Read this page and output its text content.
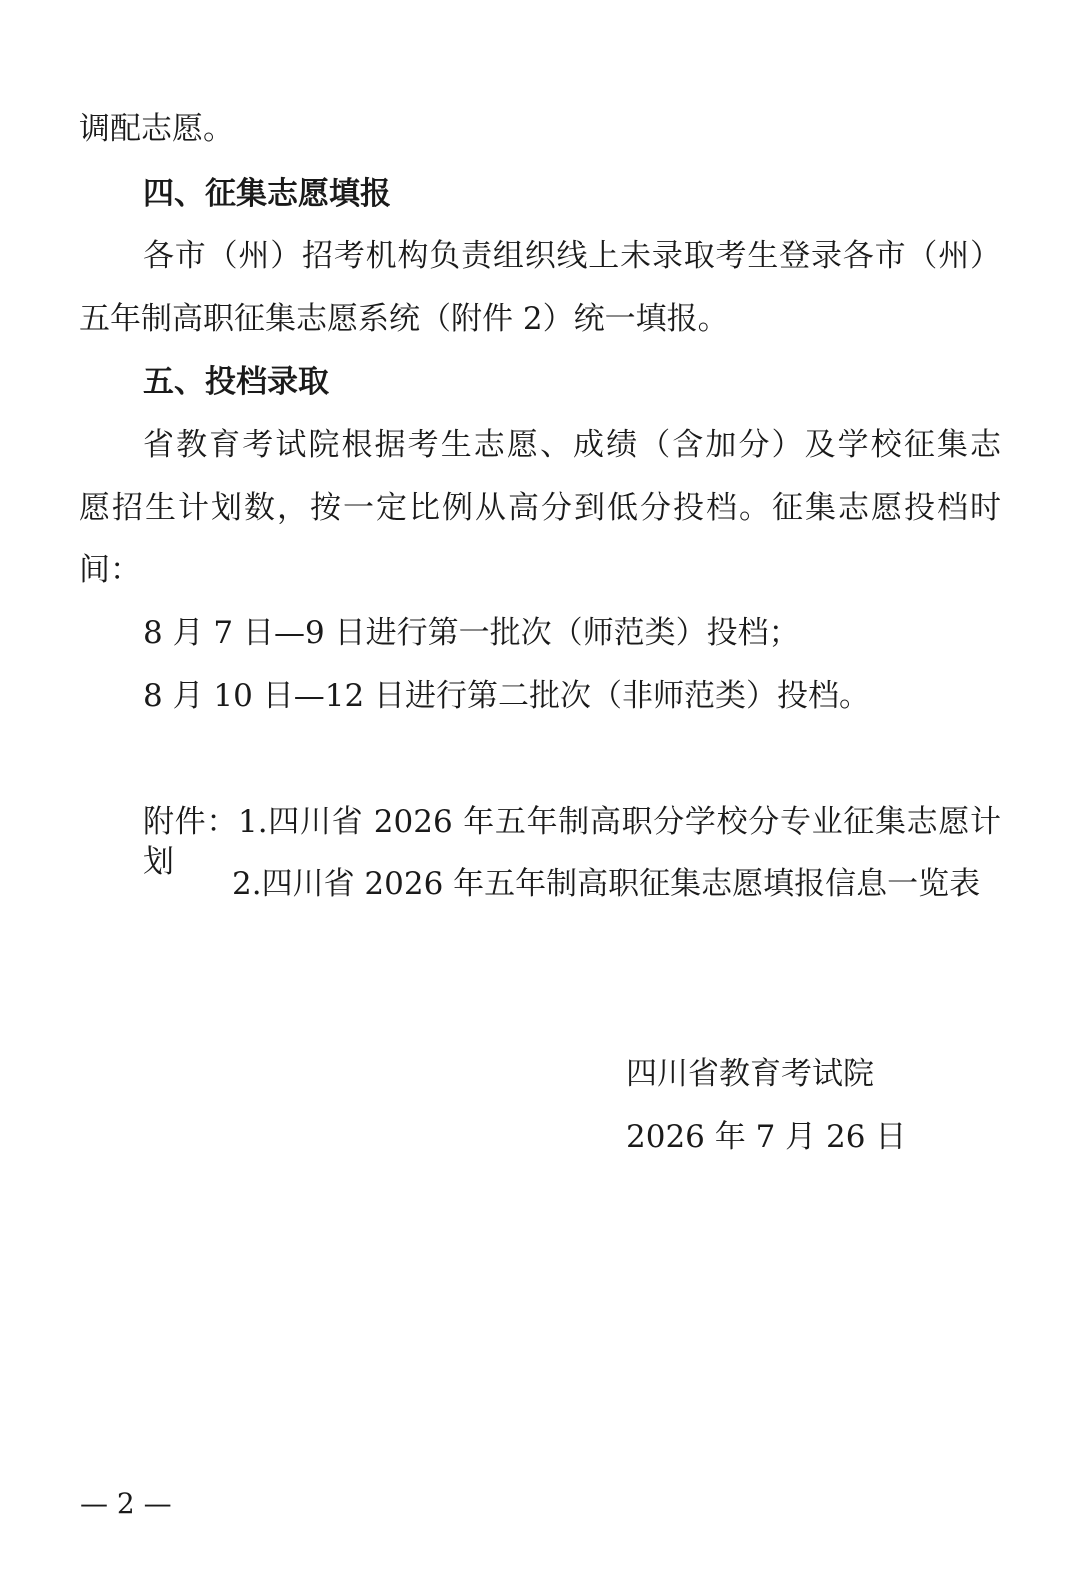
调配志愿。
四、征集志愿填报
各市（州）招考机构负责组织线上未录取考生登录各市（州）
五年制高职征集志愿系统（附件 2）统一填报。
五、投档录取
省教育考试院根据考生志愿、成绩（含加分）及学校征集志
愿招生计划数，按一定比例从高分到低分投档。征集志愿投档时
间：
8 月 7 日—9 日进行第一批次（师范类）投档；
8 月 10 日—12 日进行第二批次（非师范类）投档。
附件：1.四川省 2026 年五年制高职分学校分专业征集志愿计划
2.四川省 2026 年五年制高职征集志愿填报信息一览表
四川省教育考试院
2026 年 7 月 26 日
— 2 —
